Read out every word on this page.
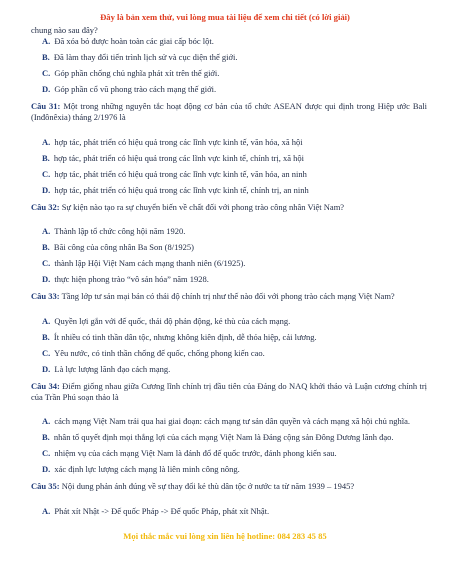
Đây là bản xem thử, vui lòng mua tài liệu để xem chi tiết (có lời giải)

chung nào sau đây?

A. Đã xóa bỏ được hoàn toàn các giai cấp bóc lột.

B. Đã làm thay đổi tiến trình lịch sử và cục diện thế giới.

C. Góp phần chống chủ nghĩa phát xít trên thế giới.

D. Góp phần cổ vũ phong trào cách mạng thế giới.

Câu 31: Một trong những nguyên tắc hoạt động cơ bản của tổ chức ASEAN được qui định trong Hiệp ước Bali (Inđônêxia) tháng 2/1976 là

A. hợp tác, phát triển có hiệu quả trong các lĩnh vực kinh tế, văn hóa, xã hội

B. hợp tác, phát triển có hiệu quả trong các lĩnh vực kinh tế, chính trị, xã hội

C. hợp tác, phát triển có hiệu quả trong các lĩnh vực kinh tế, văn hóa, an ninh

D. hợp tác, phát triển có hiệu quả trong các lĩnh vực kinh tế, chính trị, an ninh

Câu 32: Sự kiện nào tạo ra sự chuyển biến về chất đối với phong trào công nhân Việt Nam?

A. Thành lập tổ chức công hội năm 1920.

B. Bãi công của công nhân Ba Son (8/1925)

C. thành lập Hội Việt Nam cách mạng thanh niên (6/1925).

D. thực hiện phong trào “vô sản hóa” năm 1928.

Câu 33: Tầng lớp tư sản mại bản có thái độ chính trị như thế nào đối với phong trào cách mạng Việt Nam?

A. Quyền lợi gắn với đế quốc, thái độ phản động, kẻ thù của cách mạng.

B. Ít nhiều có tinh thần dân tộc, nhưng không kiên định, dễ thỏa hiệp, cải lương.

C. Yêu nước, có tinh thần chống đế quốc, chống phong kiến cao.

D. Là lực lượng lãnh đạo cách mạng.

Câu 34: Điểm giống nhau giữa Cương lĩnh chính trị đầu tiên của Đảng do NAQ khởi thảo và Luận cương chính trị của Trần Phú soạn thảo là

A. cách mạng Việt Nam trải qua hai giai đoạn: cách mạng tư sản dân quyền và cách mạng xã hội chủ nghĩa.

B. nhân tố quyết định mọi thắng lợi của cách mạng Việt Nam là Đảng cộng sản Đông Dương lãnh đạo.

C. nhiệm vụ của cách mạng Việt Nam là đánh đổ đế quốc trước, đánh phong kiến sau.

D. xác định lực lượng cách mạng là liên minh công nông.

Câu 35: Nội dung phản ánh đúng về sự thay đổi kẻ thù dân tộc ở nước ta từ năm 1939 – 1945?

A. Phát xít Nhật -> Đế quốc Pháp -> Đế quốc Pháp, phát xít Nhật.

Mọi thắc mắc vui lòng xin liên hệ hotline: 084 283 45 85
